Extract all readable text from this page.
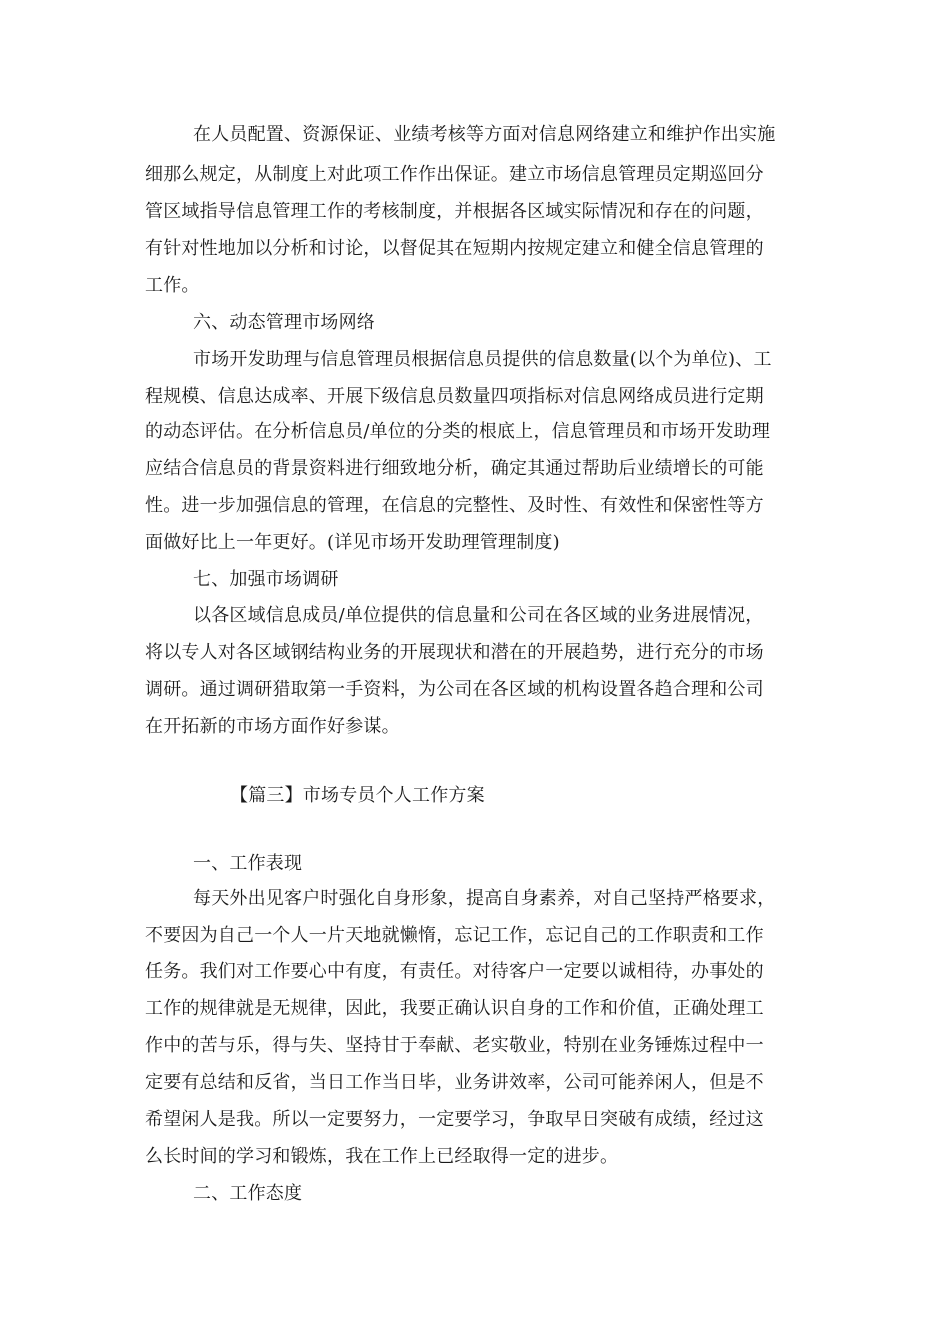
在人员配置、资源保证、业绩考核等方面对信息网络建立和维护作出实施
细那么规定，从制度上对此项工作作出保证。建立市场信息管理员定期巡回分
管区域指导信息管理工作的考核制度，并根据各区域实际情况和存在的问题，
有针对性地加以分析和讨论，以督促其在短期内按规定建立和健全信息管理的
工作。
六、动态管理市场网络
市场开发助理与信息管理员根据信息员提供的信息数量(以个为单位)、工
程规模、信息达成率、开展下级信息员数量四项指标对信息网络成员进行定期
的动态评估。在分析信息员/单位的分类的根底上，信息管理员和市场开发助理
应结合信息员的背景资料进行细致地分析，确定其通过帮助后业绩增长的可能
性。进一步加强信息的管理，在信息的完整性、及时性、有效性和保密性等方
面做好比上一年更好。(详见市场开发助理管理制度)
七、加强市场调研
以各区域信息成员/单位提供的信息量和公司在各区域的业务进展情况，
将以专人对各区域钢结构业务的开展现状和潜在的开展趋势，进行充分的市场
调研。通过调研猎取第一手资料，为公司在各区域的机构设置各趋合理和公司
在开拓新的市场方面作好参谋。
【篇三】市场专员个人工作方案
一、工作表现
每天外出见客户时强化自身形象，提高自身素养，对自己坚持严格要求，
不要因为自己一个人一片天地就懒惰，忘记工作，忘记自己的工作职责和工作
任务。我们对工作要心中有度，有责任。对待客户一定要以诚相待，办事处的
工作的规律就是无规律，因此，我要正确认识自身的工作和价值，正确处理工
作中的苦与乐，得与失、坚持甘于奉献、老实敬业，特别在业务锤炼过程中一
定要有总结和反省，当日工作当日毕，业务讲效率，公司可能养闲人，但是不
希望闲人是我。所以一定要努力，一定要学习，争取早日突破有成绩，经过这
么长时间的学习和锻炼，我在工作上已经取得一定的进步。
二、工作态度
